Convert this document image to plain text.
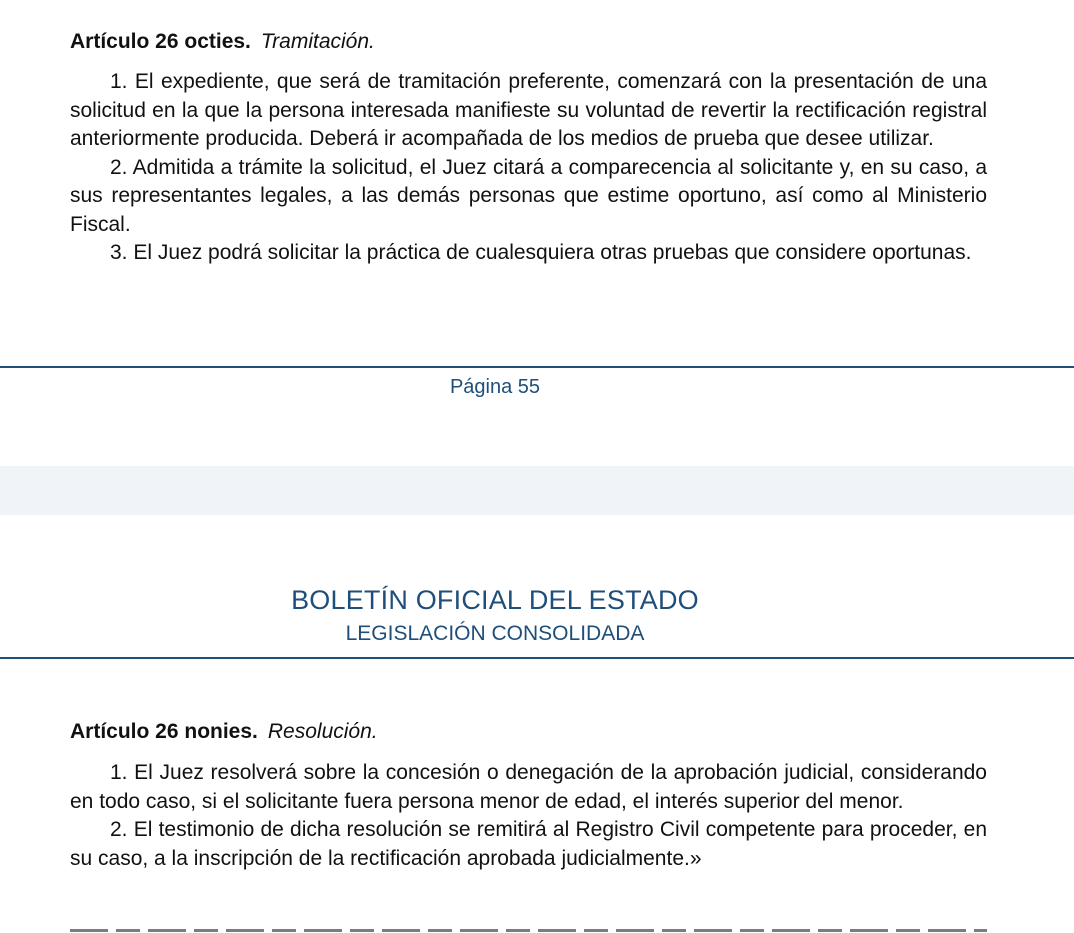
Artículo 26 octies. Tramitación.

1. El expediente, que será de tramitación preferente, comenzará con la presentación de una solicitud en la que la persona interesada manifieste su voluntad de revertir la rectificación registral anteriormente producida. Deberá ir acompañada de los medios de prueba que desee utilizar.

2. Admitida a trámite la solicitud, el Juez citará a comparecencia al solicitante y, en su caso, a sus representantes legales, a las demás personas que estime oportuno, así como al Ministerio Fiscal.

3. El Juez podrá solicitar la práctica de cualesquiera otras pruebas que considere oportunas.

Página 55
BOLETÍN OFICIAL DEL ESTADO
LEGISLACIÓN CONSOLIDADA
Artículo 26 nonies. Resolución.

1. El Juez resolverá sobre la concesión o denegación de la aprobación judicial, considerando en todo caso, si el solicitante fuera persona menor de edad, el interés superior del menor.

2. El testimonio de dicha resolución se remitirá al Registro Civil competente para proceder, en su caso, a la inscripción de la rectificación aprobada judicialmente.»
